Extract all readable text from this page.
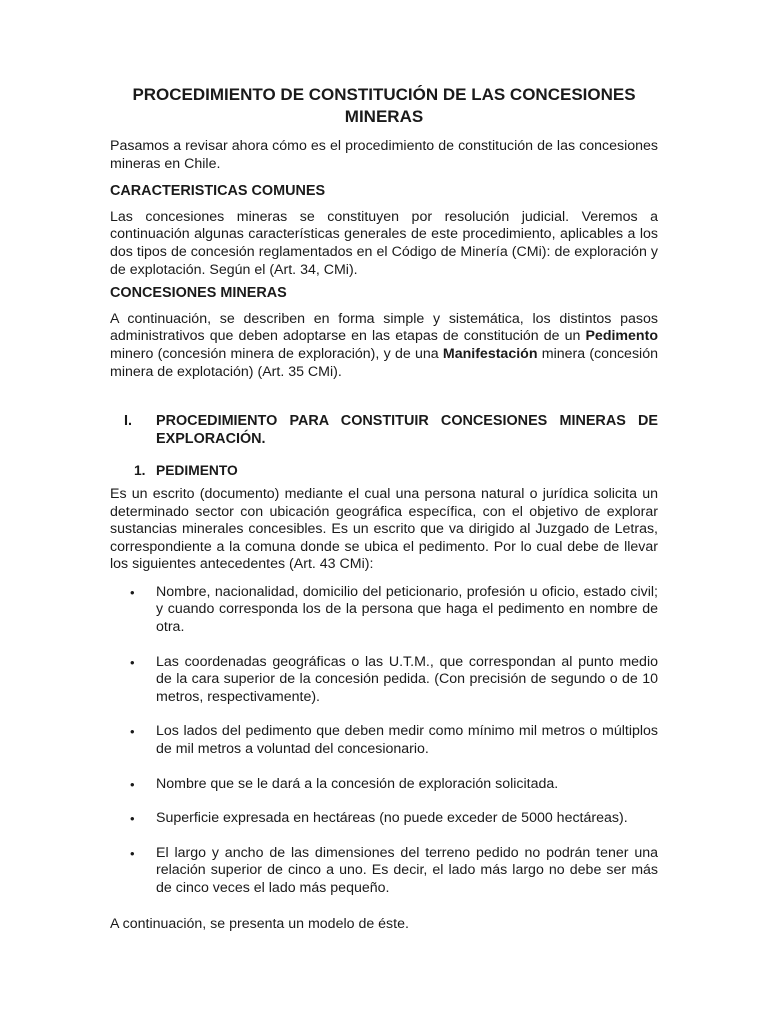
PROCEDIMIENTO DE CONSTITUCIÓN DE LAS CONCESIONES MINERAS

Pasamos a revisar ahora cómo es el procedimiento de constitución de las concesiones mineras en Chile.

CARACTERISTICAS COMUNES

Las concesiones mineras se constituyen por resolución judicial. Veremos a continuación algunas características generales de este procedimiento, aplicables a los dos tipos de concesión reglamentados en el Código de Minería (CMi): de exploración y de explotación. Según el (Art. 34, CMi).

CONCESIONES MINERAS

A continuación, se describen en forma simple y sistemática, los distintos pasos administrativos que deben adoptarse en las etapas de constitución de un Pedimento minero (concesión minera de exploración), y de una Manifestación minera (concesión minera de explotación) (Art. 35 CMi).

I.	PROCEDIMIENTO PARA CONSTITUIR CONCESIONES MINERAS DE EXPLORACIÓN.
1. PEDIMENTO

Es un escrito (documento) mediante el cual una persona natural o jurídica solicita un determinado sector con ubicación geográfica específica, con el objetivo de explorar sustancias minerales concesibles. Es un escrito que va dirigido al Juzgado de Letras, correspondiente a la comuna donde se ubica el pedimento. Por lo cual debe de llevar los siguientes antecedentes (Art. 43 CMi):

•	Nombre, nacionalidad, domicilio del peticionario, profesión u oficio, estado civil; y cuando corresponda los de la persona que haga el pedimento en nombre de otra.
•	Las coordenadas geográficas o las U.T.M., que correspondan al punto medio de la cara superior de la concesión pedida. (Con precisión de segundo o de 10 metros, respectivamente).
•	Los lados del pedimento que deben medir como mínimo mil metros o múltiplos de mil metros a voluntad del concesionario.
•	Nombre que se le dará a la concesión de exploración solicitada.
•	Superficie expresada en hectáreas (no puede exceder de 5000 hectáreas).
•	El largo y ancho de las dimensiones del terreno pedido no podrán tener una relación superior de cinco a uno. Es decir, el lado más largo no debe ser más de cinco veces el lado más pequeño.

A continuación, se presenta un modelo de éste.
